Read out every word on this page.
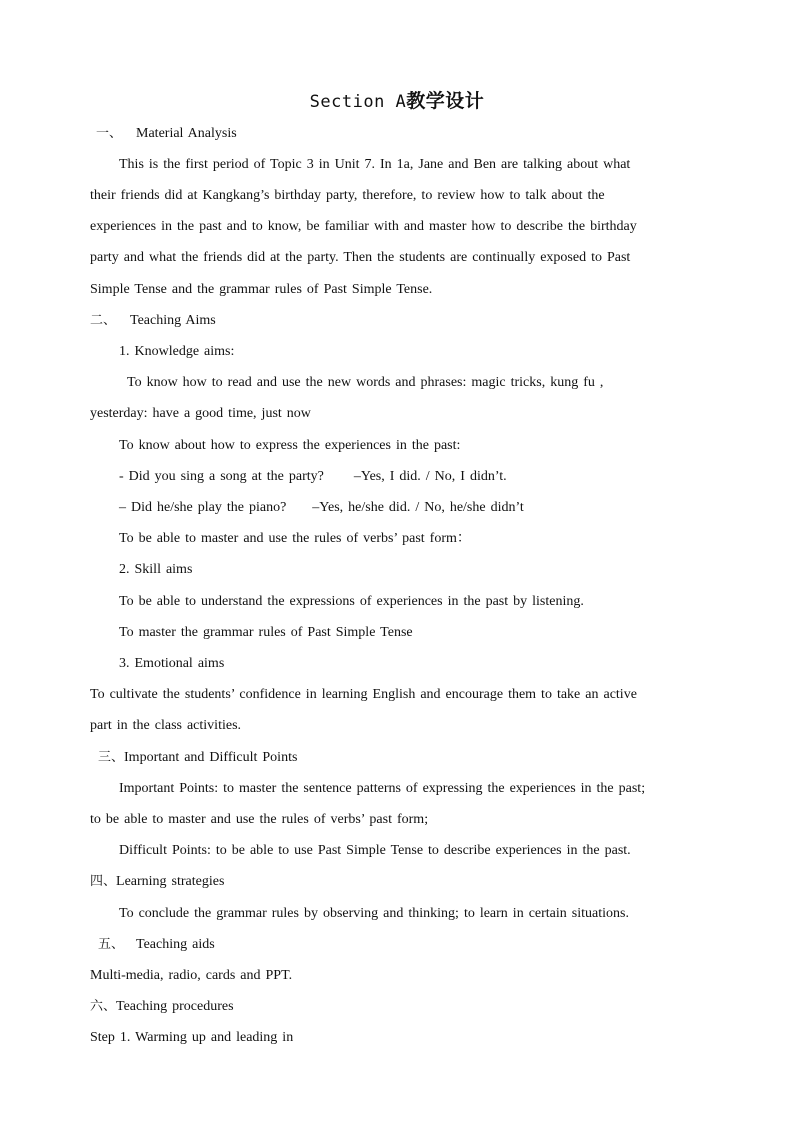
Section A教学设计
一、 Material Analysis
This is the first period of Topic 3 in Unit 7. In 1a, Jane and Ben are talking about what
their friends did at Kangkang’s birthday party, therefore, to review how to talk about the
experiences in the past and to know, be familiar with and master how to describe the birthday
party and what the friends did at the party. Then the students are continually exposed to Past
Simple Tense and the grammar rules of Past Simple Tense.
二、 Teaching Aims
1. Knowledge aims:
To know how to read and use the new words and phrases: magic tricks, kung fu ,
yesterday: have a good time, just now
To know about how to express the experiences in the past:
- Did you sing a song at the party? –Yes, I did. / No, I didn’t.
– Did he/she play the piano? –Yes, he/she did. / No, he/she didn’t
To be able to master and use the rules of verbs’ past form：
2. Skill aims
To be able to understand the expressions of experiences in the past by listening.
To master the grammar rules of Past Simple Tense
3. Emotional aims
To cultivate the students’ confidence in learning English and encourage them to take an active
part in the class activities.
三、Important and Difficult Points
Important Points: to master the sentence patterns of expressing the experiences in the past;
to be able to master and use the rules of verbs’ past form;
Difficult Points: to be able to use Past Simple Tense to describe experiences in the past.
四、Learning strategies
To conclude the grammar rules by observing and thinking; to learn in certain situations.
五、 Teaching aids
Multi-media, radio, cards and PPT.
六、Teaching procedures
Step 1. Warming up and leading in
